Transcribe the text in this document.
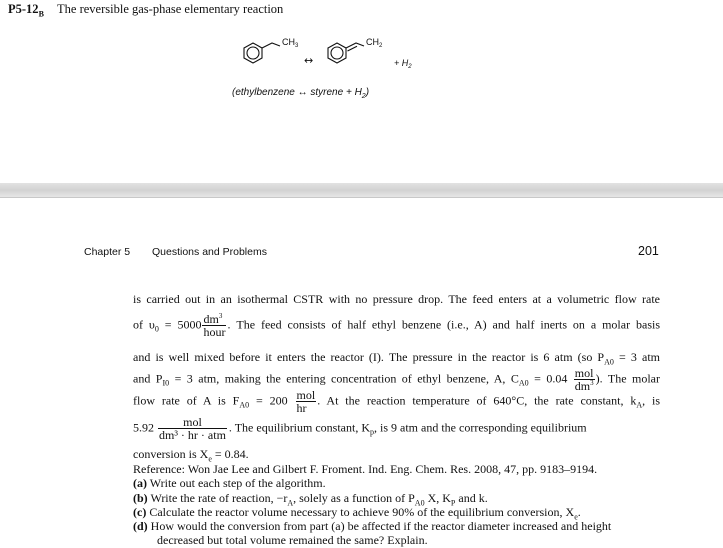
$P5-12_B$ The reversible gas-phase elementary reaction
$CH_3$
↔
$CH_2$
+ $H_2$
(ethylbenzene ↔ styrene + $H_2$)
Chapter 5 Questions and Problems	201
is carried out in an isothermal CSTR with no pressure drop. The feed enters at a volumetric flow rate
of $\upsilon_0 = 5000 \frac{dm^3}{\text{hour}}$ . The feed consists of half ethyl benzene (i.e., A) and half inerts on a molar basis
and is well mixed before it enters the reactor (I). The pressure in the reactor is 6 atm (so $P_{A0} = 3$ atm
and $P_{I0} = 3$ atm, making the entering concentration of ethyl benzene, A, $C_{A0} = 0.04 \frac{\text{mol}}{dm^3}$ ). The molar
flow rate of A is $F_{A0} = 200 \frac{\text{mol}}{hr}$ . At the reaction temperature of 640°C, the rate constant, $k_A$, is
$5.92 \frac{\text{mol}}{\text{dm³ · hr · atm}}$ . The equilibrium constant, $K_p$, is 9 atm and the corresponding equilibrium
conversion is $X_e = 0.84$.
Reference: Won Jae Lee and Gilbert F. Froment. Ind. Eng. Chem. Res. 2008, 47, pp. 9183–9194.
(a) Write out each step of the algorithm.
(b) Write the rate of reaction, $-r_A$, solely as a function of $P_{A0}$ X, $K_P$ and k.
(c) Calculate the reactor volume necessary to achieve 90% of the equilibrium conversion, $X_e$.
(d) How would the conversion from part (a) be affected if the reactor diameter increased and height
decreased but total volume remained the same? Explain.
